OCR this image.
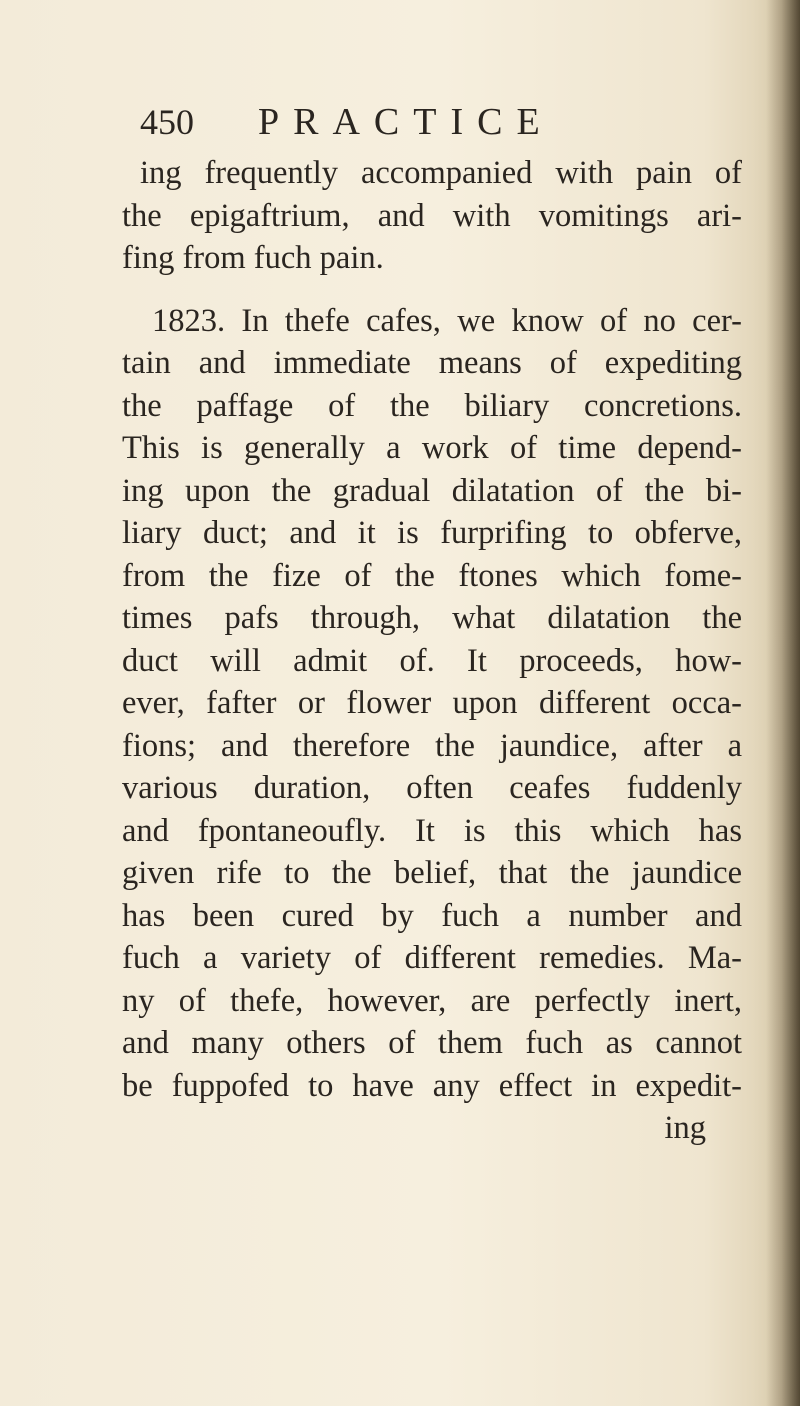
450 PRACTICE
ing frequently accompanied with pain of
the epigaftrium, and with vomitings ari-
fing from fuch pain.
1823. In thefe cafes, we know of no cer-
tain and immediate means of expediting
the paffage of the biliary concretions.
This is generally a work of time depend-
ing upon the gradual dilatation of the bi-
liary duct; and it is furprifing to obferve,
from the fize of the ftones which fome-
times pafs through, what dilatation the
duct will admit of. It proceeds, how-
ever, fafter or flower upon different occa-
fions; and therefore the jaundice, after a
various duration, often ceafes fuddenly
and fpontaneoufly. It is this which has
given rife to the belief, that the jaundice
has been cured by fuch a number and
fuch a variety of different remedies. Ma-
ny of thefe, however, are perfectly inert,
and many others of them fuch as cannot
be fuppofed to have any effect in expedit-
ing
